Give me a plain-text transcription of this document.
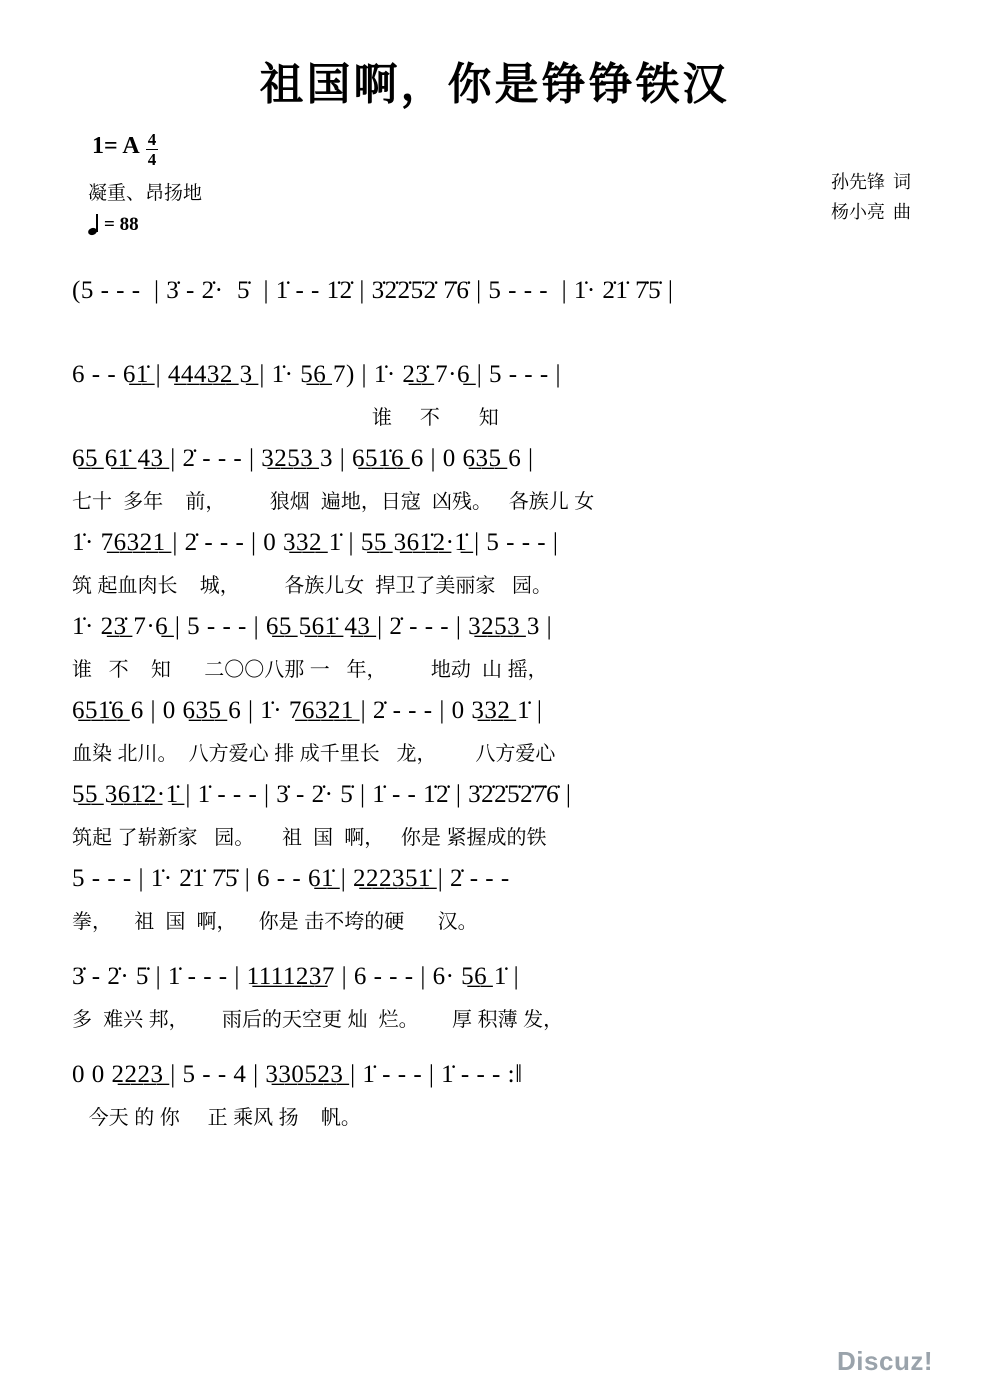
祖国啊，你是铮铮铁汉
1= A $\frac{4}{4}$
凝重、昂扬地
= 88
孙先锋 词
杨小亮 曲
(5 - - -  | 3̇ - 2̇·  5̇  | 1̇ - - 1̇2̇ | 3̇2̇2̇5̇2̇ 7̇6̇ | 5 - - -  | 1̇· 2̇1̇ 7̇5̇ |
6 - - 6̲1̲̇ | 4̲4̲4̲3̲2̲ 3̲ | 1̇· 5̲6̲ 7) | 1̇· 2̲3̲̇ 7·6̲ | 5 - - - |
谁     不       知
6̲5̲ 6̲1̲̇ 4̲3̲ | 2̇ - - - | 3̲2̲5̲3̲ 3 | 6̲5̲1̲̇6̲ 6 | 0 6̲3̲5̲ 6 |
七十  多年    前，        狼烟  遍地，日寇  凶残。   各族儿 女
1̇· 7̲6̲3̲2̲1̲ | 2̇ - - - | 0 3̲3̲2̲ 1̇ | 5̲5̲ 3̲6̲1̲̇2̲·1̲̇ | 5 - - - |
筑 起血肉长    城，        各族儿女  捍卫了美丽家   园。
1̇· 2̲3̲̇ 7·6̲ | 5 - - - | 6̲5̲ 5̲6̲1̲̇ 4̲3̲ | 2̇ - - - | 3̲2̲5̲3̲ 3 |
谁   不    知      二〇〇八那 一   年，        地动  山 摇，
6̲5̲1̲̇6̲ 6 | 0 6̲3̲5̲ 6 | 1̇· 7̲6̲3̲2̲1̲ | 2̇ - - - | 0 3̲3̲2̲ 1̇ |
血染 北川。  八方爱心 排 成千里长   龙，       八方爱心
5̲5̲ 3̲6̲1̲̇2̲·1̲̇ | 1̇ - - - | 3̇ - 2̇· 5̇ | 1̇ - - 1̇2̇ | 3̇2̇2̇5̇2̇7̇6̇ |
筑起 了崭新家   园。     祖  国  啊，   你是 紧握成的铁
5 - - - | 1̇· 2̇1̇ 7̇5̇ | 6 - - 6̲1̲̇ | 2̲2̲2̲3̲5̲1̲̇ | 2̇ - - -
拳，    祖  国  啊，    你是 击不垮的硬      汉。
3̇ - 2̇· 5̇ | 1̇ - - - | 1̲1̲1̲1̲2̲3̲7 | 6 - - - | 6· 5̲6̲ 1̇ |
多  难兴 邦，      雨后的天空更 灿  烂。      厚 积薄 发，
0 0 2̲2̲2̲3̲ | 5 - - 4 | 3̲3̲0̲5̲2̲3̲ | 1̇ - - - | 1̇ - - - :‖
今天 的 你     正 乘风 扬    帆。
Discuz!
